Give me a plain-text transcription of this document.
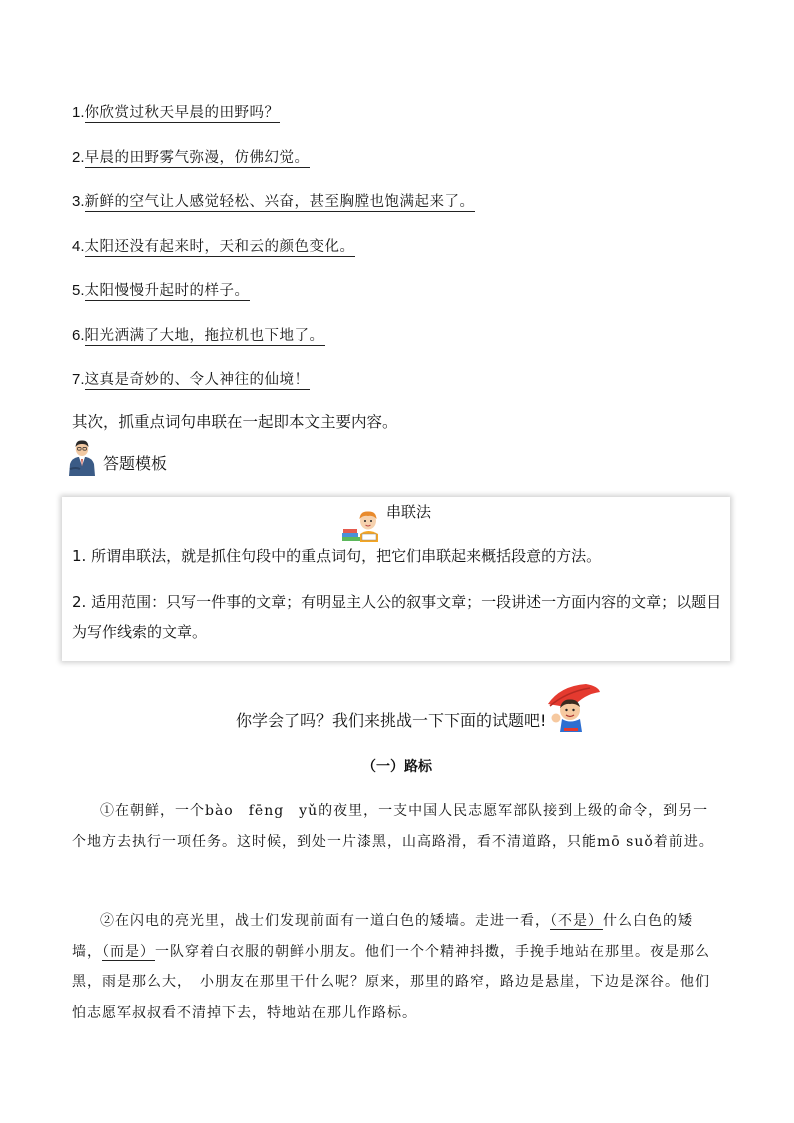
1.你欣赏过秋天早晨的田野吗？
2.早晨的田野雾气弥漫，仿佛幻觉。
3.新鲜的空气让人感觉轻松、兴奋，甚至胸膛也饱满起来了。
4.太阳还没有起来时，天和云的颜色变化。
5.太阳慢慢升起时的样子。
6.阳光洒满了大地，拖拉机也下地了。
7.这真是奇妙的、令人神往的仙境！
其次，抓重点词句串联在一起即本文主要内容。
答题模板
串联法

1. 所谓串联法，就是抓住句段中的重点词句，把它们串联起来概括段意的方法。

2. 适用范围：只写一件事的文章；有明显主人公的叙事文章；一段讲述一方面内容的文章；以题目为写作线索的文章。

你学会了吗？我们来挑战一下下面的试题吧!
（一）路标

①在朝鲜，一个bào　fēng　yǔ的夜里，一支中国人民志愿军部队接到上级的命令，到另一个地方去执行一项任务。这时候，到处一片漆黑，山高路滑，看不清道路，只能mō suǒ着前进。

②在闪电的亮光里，战士们发现前面有一道白色的矮墙。走进一看，（不是）什么白色的矮墙，（而是）一队穿着白衣服的朝鲜小朋友。他们一个个精神抖擞，手挽手地站在那里。夜是那么黑，雨是那么大，　小朋友在那里干什么呢？原来，那里的路窄，路边是悬崖，下边是深谷。他们怕志愿军叔叔看不清掉下去，特地站在那儿作路标。
